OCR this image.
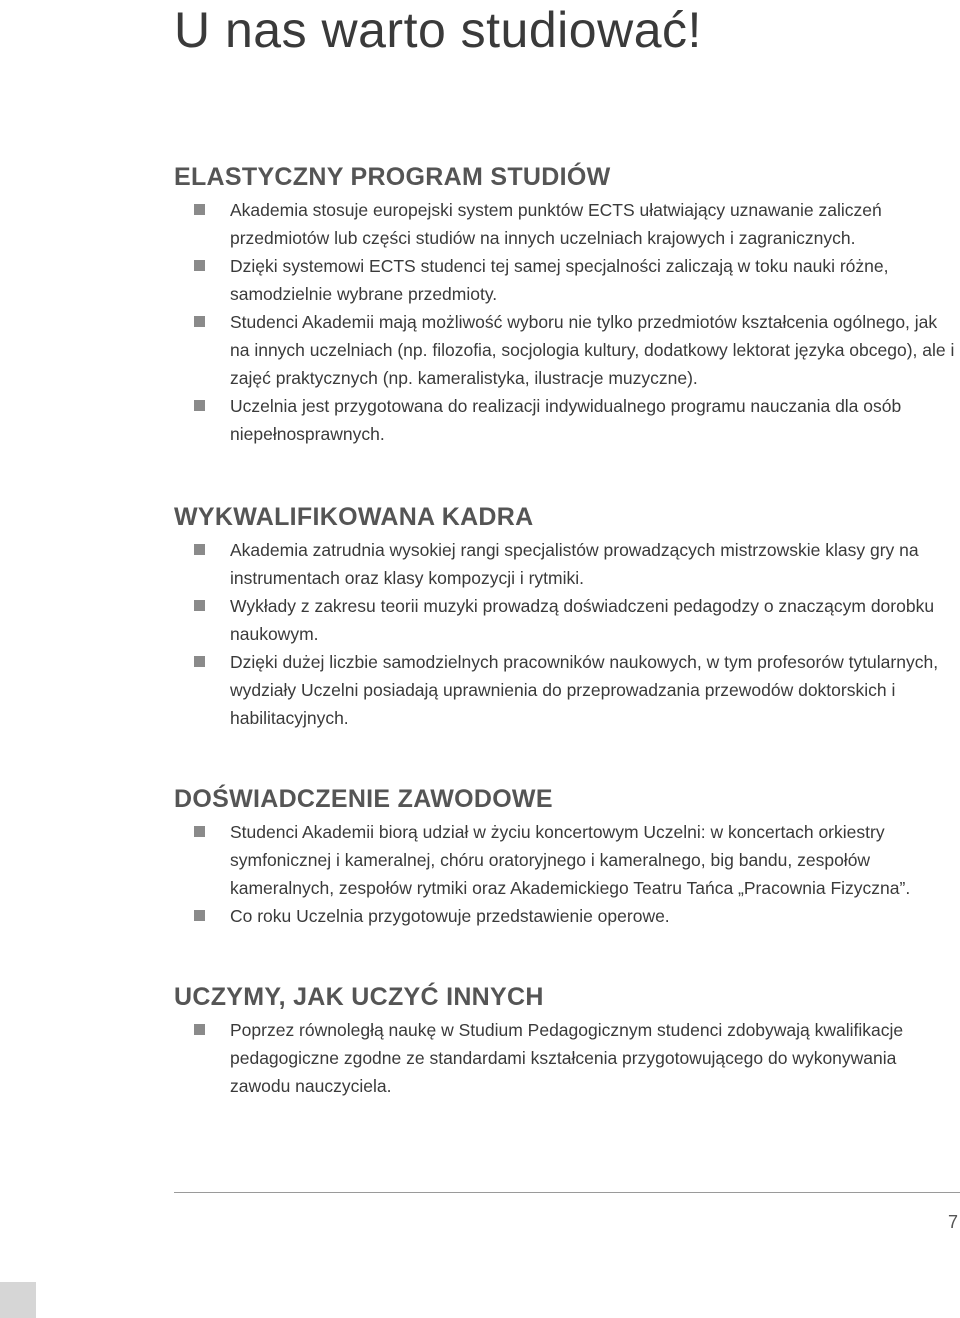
U nas warto studiować!
ELASTYCZNY PROGRAM STUDIÓW
Akademia stosuje europejski system punktów ECTS ułatwiający uznawanie zaliczeń przedmiotów lub części studiów na innych uczelniach krajowych i zagranicznych.
Dzięki systemowi ECTS studenci tej samej specjalności zaliczają w toku nauki różne, samodzielnie wybrane przedmioty.
Studenci Akademii mają możliwość wyboru nie tylko przedmiotów kształcenia ogólnego, jak na innych uczelniach (np. filozofia, socjologia kultury, dodatkowy lektorat języka obcego), ale i zajęć praktycznych (np. kameralistyka, ilustracje muzyczne).
Uczelnia jest przygotowana do realizacji indywidualnego programu nauczania dla osób niepełnosprawnych.
WYKWALIFIKOWANA KADRA
Akademia zatrudnia wysokiej rangi specjalistów prowadzących mistrzowskie klasy gry na instrumentach oraz klasy kompozycji i rytmiki.
Wykłady z zakresu teorii muzyki prowadzą doświadczeni pedagodzy o znaczącym dorobku naukowym.
Dzięki dużej liczbie samodzielnych pracowników naukowych, w tym profesorów tytularnych, wydziały Uczelni posiadają uprawnienia do przeprowadzania przewodów doktorskich i habilitacyjnych.
DOŚWIADCZENIE ZAWODOWE
Studenci Akademii biorą udział w życiu koncertowym Uczelni: w koncertach orkiestry symfonicznej i kameralnej, chóru oratoryjnego i kameralnego, big bandu, zespołów kameralnych, zespołów rytmiki oraz Akademickiego Teatru Tańca „Pracownia Fizyczna”.
Co roku Uczelnia przygotowuje przedstawienie operowe.
UCZYMY, JAK UCZYĆ INNYCH
Poprzez równoległą naukę w Studium Pedagogicznym studenci zdobywają kwalifikacje pedagogiczne zgodne ze standardami kształcenia przygotowującego do wykonywania zawodu nauczyciela.
7
